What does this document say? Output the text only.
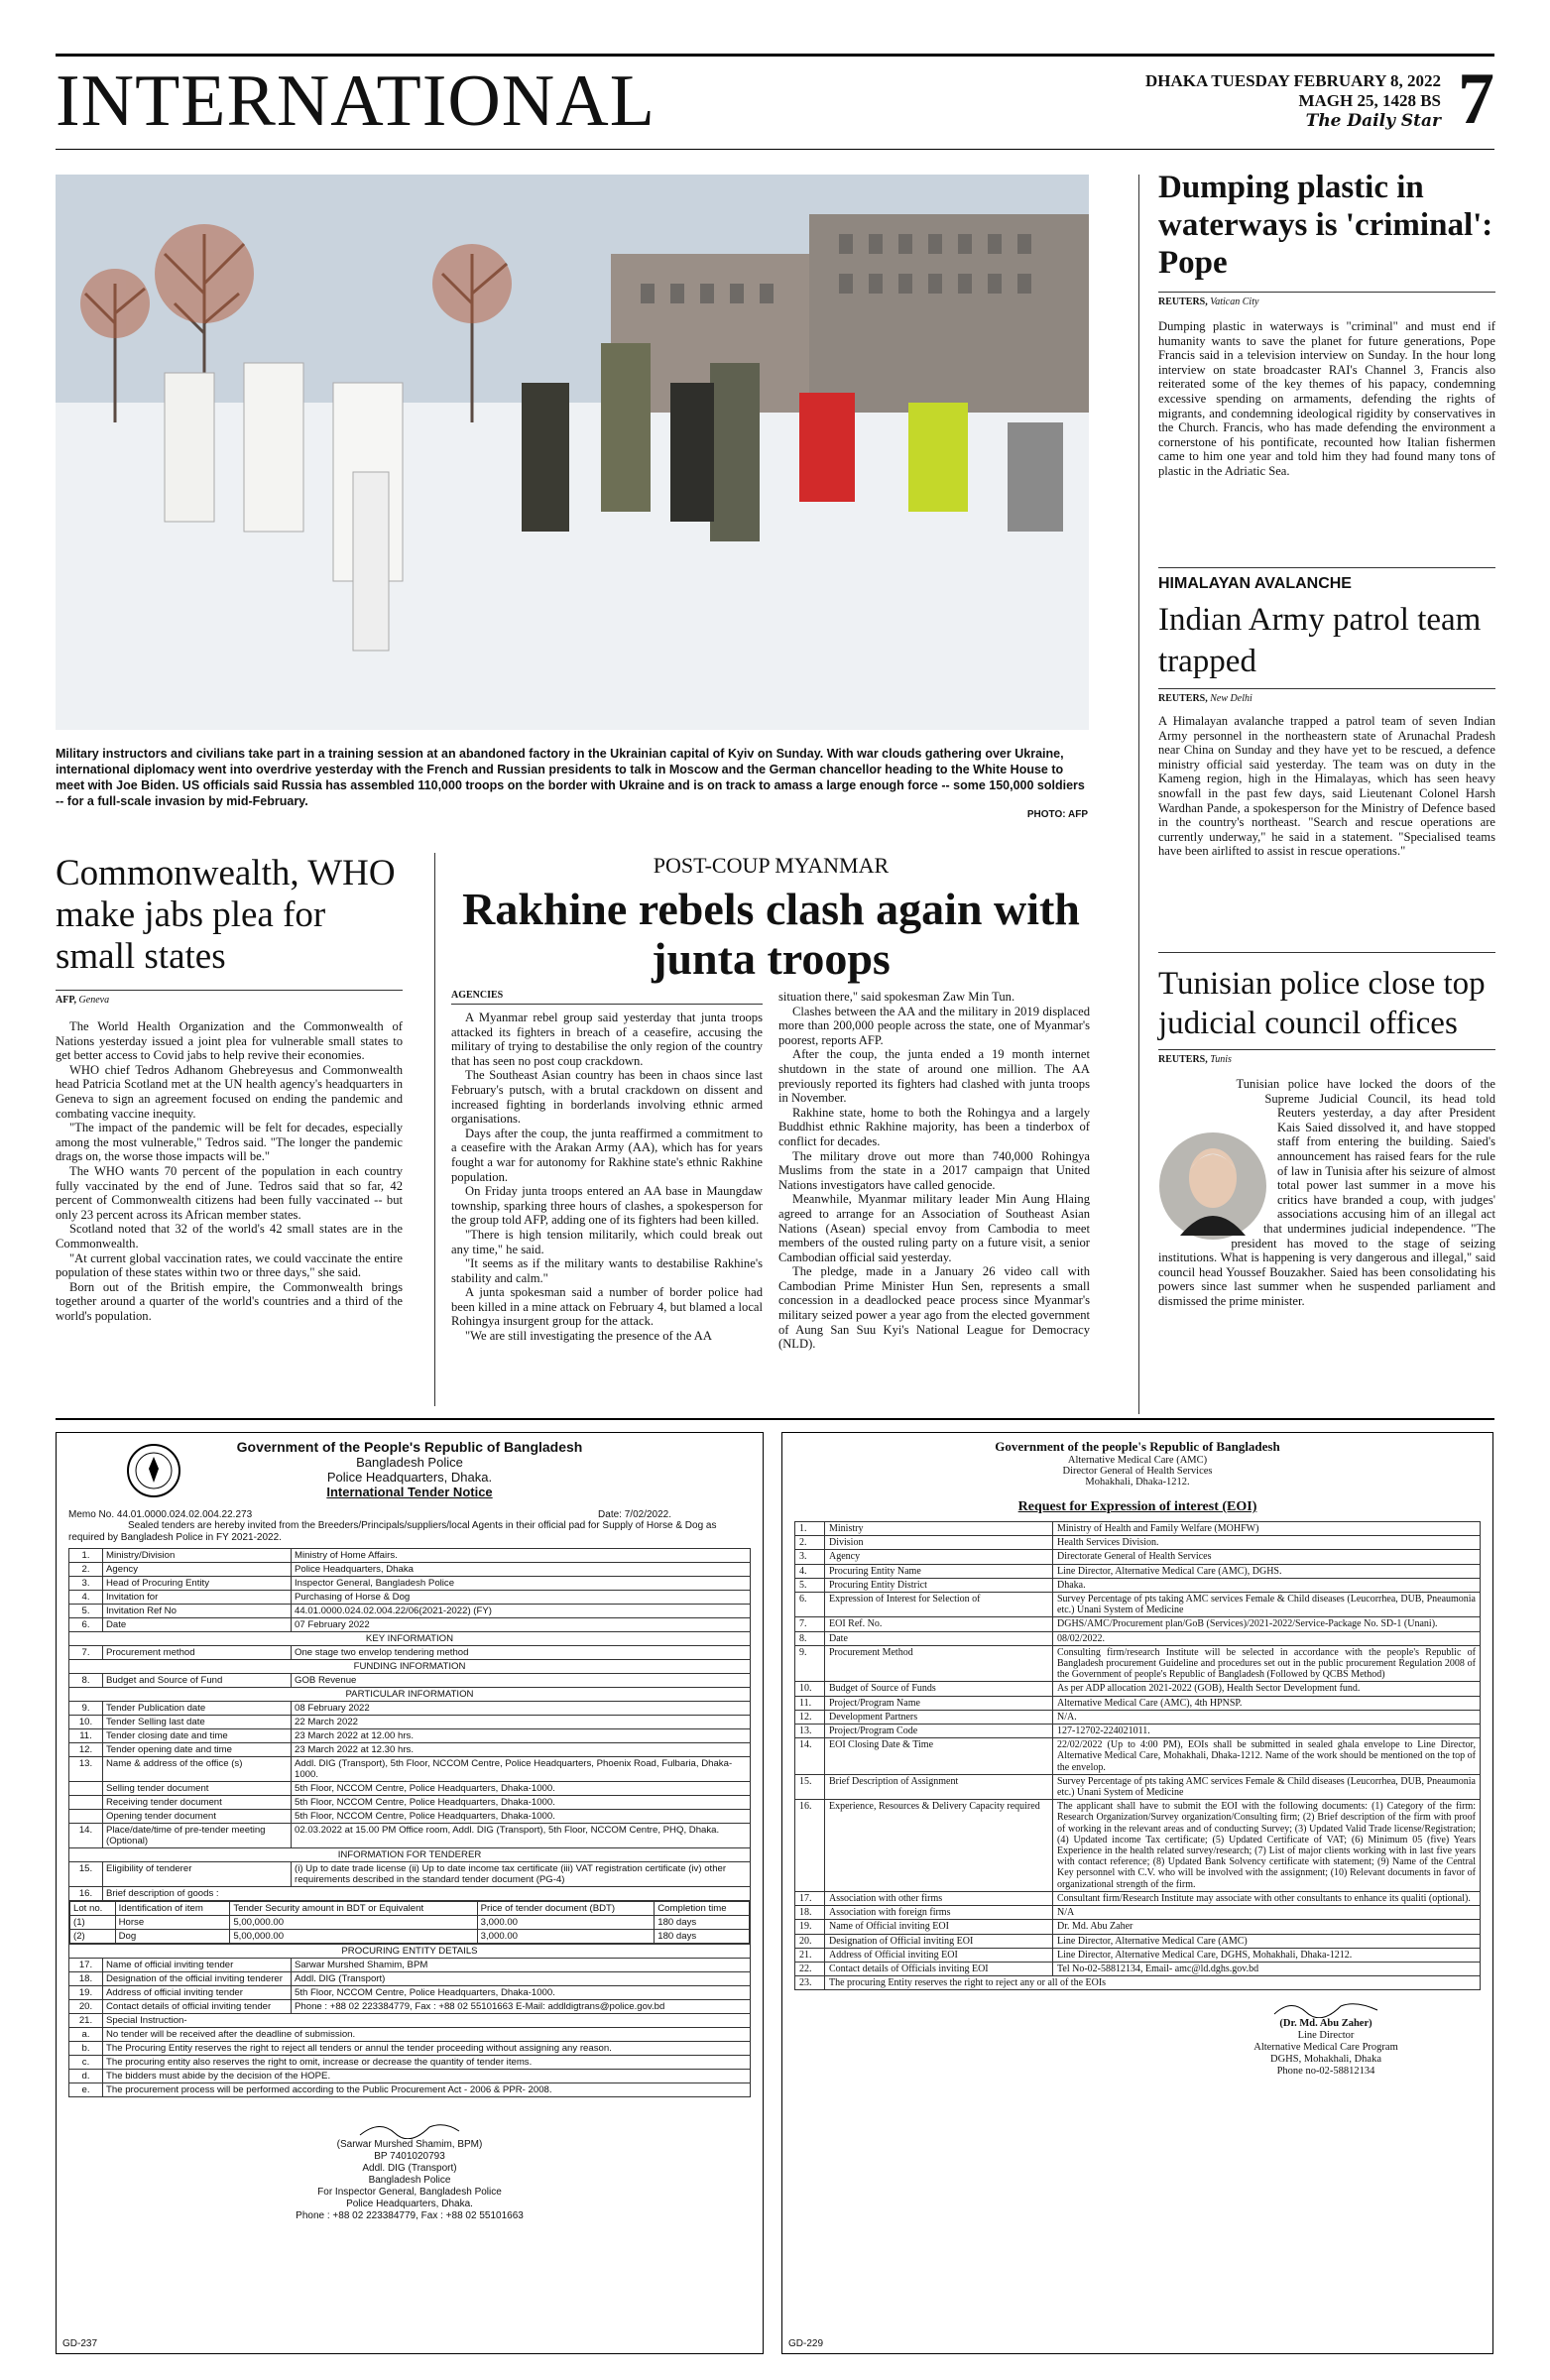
INTERNATIONAL	DHAKA TUESDAY FEBRUARY 8, 2022
MAGH 25, 1428 BS
The Daily Star 7
Military instructors and civilians take part in a training session at an abandoned factory in the Ukrainian capital of Kyiv on Sunday. With war clouds gathering over Ukraine, international diplomacy went into overdrive yesterday with the French and Russian presidents to talk in Moscow and the German chancellor heading to the White House to meet with Joe Biden. US officials said Russia has assembled 110,000 troops on the border with Ukraine and is on track to amass a large enough force -- some 150,000 soldiers -- for a full-scale invasion by mid-February.
PHOTO: AFP
Commonwealth, WHO make jabs plea for small states
AFP, Geneva

The World Health Organization and the Commonwealth of Nations yesterday issued a joint plea for vulnerable small states to get better access to Covid jabs to help revive their economies.

WHO chief Tedros Adhanom Ghebreyesus and Commonwealth head Patricia Scotland met at the UN health agency's headquarters in Geneva to sign an agreement focused on ending the pandemic and combating vaccine inequity.

"The impact of the pandemic will be felt for decades, especially among the most vulnerable," Tedros said. "The longer the pandemic drags on, the worse those impacts will be."

The WHO wants 70 percent of the population in each country fully vaccinated by the end of June. Tedros said that so far, 42 percent of Commonwealth citizens had been fully vaccinated -- but only 23 percent across its African member states.

Scotland noted that 32 of the world's 42 small states are in the Commonwealth.

"At current global vaccination rates, we could vaccinate the entire population of these states within two or three days," she said.

Born out of the British empire, the Commonwealth brings together around a quarter of the world's countries and a third of the world's population.

POST-COUP MYANMAR
Rakhine rebels clash again with junta troops
AGENCIES

A Myanmar rebel group said yesterday that junta troops attacked its fighters in breach of a ceasefire, accusing the military of trying to destabilise the only region of the country that has seen no post coup crackdown.

The Southeast Asian country has been in chaos since last February's putsch, with a brutal crackdown on dissent and increased fighting in borderlands involving ethnic armed organisations.

Days after the coup, the junta reaffirmed a commitment to a ceasefire with the Arakan Army (AA), which has for years fought a war for autonomy for Rakhine state's ethnic Rakhine population.

On Friday junta troops entered an AA base in Maungdaw township, sparking three hours of clashes, a spokesperson for the group told AFP, adding one of its fighters had been killed.

"There is high tension militarily, which could break out any time," he said.

"It seems as if the military wants to destabilise Rakhine's stability and calm."

A junta spokesman said a number of border police had been killed in a mine attack on February 4, but blamed a local Rohingya insurgent group for the attack.

"We are still investigating the presence of the AA

situation there," said spokesman Zaw Min Tun.

Clashes between the AA and the military in 2019 displaced more than 200,000 people across the state, one of Myanmar's poorest, reports AFP.

After the coup, the junta ended a 19 month internet shutdown in the state of around one million. The AA previously reported its fighters had clashed with junta troops in November.

Rakhine state, home to both the Rohingya and a largely Buddhist ethnic Rakhine majority, has been a tinderbox of conflict for decades.

The military drove out more than 740,000 Rohingya Muslims from the state in a 2017 campaign that United Nations investigators have called genocide.

Meanwhile, Myanmar military leader Min Aung Hlaing agreed to arrange for an Association of Southeast Asian Nations (Asean) special envoy from Cambodia to meet members of the ousted ruling party on a future visit, a senior Cambodian official said yesterday.

The pledge, made in a January 26 video call with Cambodian Prime Minister Hun Sen, represents a small concession in a deadlocked peace process since Myanmar's military seized power a year ago from the elected government of Aung San Suu Kyi's National League for Democracy (NLD).

Dumping plastic in waterways is 'criminal': Pope
REUTERS, Vatican City

Dumping plastic in waterways is "criminal" and must end if humanity wants to save the planet for future generations, Pope Francis said in a television interview on Sunday. In the hour long interview on state broadcaster RAI's Channel 3, Francis also reiterated some of the key themes of his papacy, condemning excessive spending on armaments, defending the rights of migrants, and condemning ideological rigidity by conservatives in the Church. Francis, who has made defending the environment a cornerstone of his pontificate, recounted how Italian fishermen came to him one year and told him they had found many tons of plastic in the Adriatic Sea.

HIMALAYAN AVALANCHE
Indian Army patrol team trapped
REUTERS, New Delhi

A Himalayan avalanche trapped a patrol team of seven Indian Army personnel in the northeastern state of Arunachal Pradesh near China on Sunday and they have yet to be rescued, a defence ministry official said yesterday. The team was on duty in the Kameng region, high in the Himalayas, which has seen heavy snowfall in the past few days, said Lieutenant Colonel Harsh Wardhan Pande, a spokesperson for the Ministry of Defence based in the country's northeast. "Search and rescue operations are currently underway," he said in a statement. "Specialised teams have been airlifted to assist in rescue operations."

Tunisian police close top judicial council offices
REUTERS, Tunis

Tunisian police have locked the doors of the Supreme Judicial Council, its head told Reuters yesterday, a day after President Kais Saied dissolved it, and have stopped staff from entering the building. Saied's announcement has raised fears for the rule of law in Tunisia after his seizure of almost total power last summer in a move his critics have branded a coup, with judges' associations accusing him of an illegal act that undermines judicial independence. "The president has moved to the stage of seizing institutions. What is happening is very dangerous and illegal," said council head Youssef Bouzakher. Saied has been consolidating his powers since last summer when he suspended parliament and dismissed the prime minister.

Government of the People's Republic of Bangladesh
Bangladesh Police
Police Headquarters, Dhaka.
International Tender Notice
Memo No. 44.01.0000.024.02.004.22.273	Date: 7/02/2022.
Sealed tenders are hereby invited from the Breeders/Principals/suppliers/local Agents in their official pad for Supply of Horse & Dog as required by Bangladesh Police in FY 2021-2022.
1.	Ministry/Division	Ministry of Home Affairs.
2.	Agency	Police Headquarters, Dhaka
3.	Head of Procuring Entity	Inspector General, Bangladesh Police
4.	Invitation for	Purchasing of Horse & Dog
5.	Invitation Ref No	44.01.0000.024.02.004.22/06(2021-2022) (FY)
6.	Date	07 February 2022
KEY INFORMATION
7.	Procurement method	One stage two envelop tendering method
FUNDING INFORMATION
8.	Budget and Source of Fund	GOB Revenue
PARTICULAR INFORMATION
9.	Tender Publication date	08 February 2022
10.	Tender Selling last date	22 March 2022
11.	Tender closing date and time	23 March 2022 at 12.00 hrs.
12.	Tender opening date and time	23 March 2022 at 12.30 hrs.
13.	Name & address of the office (s)	Addl. DIG (Transport), 5th Floor, NCCOM Centre, Police Headquarters, Phoenix Road, Fulbaria, Dhaka-1000.
	Selling tender document	5th Floor, NCCOM Centre, Police Headquarters, Dhaka-1000.
	Receiving tender document	5th Floor, NCCOM Centre, Police Headquarters, Dhaka-1000.
	Opening tender document	5th Floor, NCCOM Centre, Police Headquarters, Dhaka-1000.
14.	Place/date/time of pre-tender meeting (Optional)	02.03.2022 at 15.00 PM Office room, Addl. DIG (Transport), 5th Floor, NCCOM Centre, PHQ, Dhaka.
INFORMATION FOR TENDERER
15.	Eligibility of tenderer	(i) Up to date trade license (ii) Up to date income tax certificate (iii) VAT registration certificate (iv) other requirements described in the standard tender document (PG-4)
16.	Brief description of goods :

Lot no.	Identification of item	Tender Security amount in BDT or Equivalent	Price of tender document (BDT)	Completion time
(1)	Horse	5,00,000.00	3,000.00	180 days
(2)	Dog	5,00,000.00	3,000.00	180 days

PROCURING ENTITY DETAILS
17.	Name of official inviting tender	Sarwar Murshed Shamim, BPM
18.	Designation of the official inviting tenderer	Addl. DIG (Transport)
19.	Address of official inviting tender	5th Floor, NCCOM Centre, Police Headquarters, Dhaka-1000.
20.	Contact details of official inviting tender	Phone : +88 02 223384779, Fax : +88 02 55101663 E-Mail: addldigtrans@police.gov.bd
21.	Special Instruction-
a.	No tender will be received after the deadline of submission.
b.	The Procuring Entity reserves the right to reject all tenders or annul the tender proceeding without assigning any reason.
c.	The procuring entity also reserves the right to omit, increase or decrease the quantity of tender items.
d.	The bidders must abide by the decision of the HOPE.
e.	The procurement process will be performed according to the Public Procurement Act - 2006 & PPR- 2008.
(Sarwar Murshed Shamim, BPM)
BP 7401020793
Addl. DIG (Transport)
Bangladesh Police
For Inspector General, Bangladesh Police
Police Headquarters, Dhaka.
Phone : +88 02 223384779, Fax : +88 02 55101663
GD-237
Government of the people's Republic of Bangladesh
Alternative Medical Care (AMC)
Director General of Health Services
Mohakhali, Dhaka-1212.
Request for Expression of interest (EOI)
1.	Ministry	Ministry of Health and Family Welfare (MOHFW)
2.	Division	Health Services Division.
3.	Agency	Directorate General of Health Services
4.	Procuring Entity Name	Line Director, Alternative Medical Care (AMC), DGHS.
5.	Procuring Entity District	Dhaka.
6.	Expression of Interest for Selection of	Survey Percentage of pts taking AMC services Female & Child diseases (Leucorrhea, DUB, Pneaumonia etc.) Unani System of Medicine
7.	EOI Ref. No.	DGHS/AMC/Procurement plan/GoB (Services)/2021-2022/Service-Package No. SD-1 (Unani).
8.	Date	08/02/2022.
9.	Procurement Method	Consulting firm/research Institute will be selected in accordance with the people's Republic of Bangladesh procurement Guideline and procedures set out in the public procurement Regulation 2008 of the Government of people's Republic of Bangladesh (Followed by QCBS Method)
10.	Budget of Source of Funds	As per ADP allocation 2021-2022 (GOB), Health Sector Development fund.
11.	Project/Program Name	Alternative Medical Care (AMC), 4th HPNSP.
12.	Development Partners	N/A.
13.	Project/Program Code	127-12702-224021011.
14.	EOI Closing Date & Time	22/02/2022 (Up to 4:00 PM), EOIs shall be submitted in sealed ghala envelope to Line Director, Alternative Medical Care, Mohakhali, Dhaka-1212. Name of the work should be mentioned on the top of the envelop.
15.	Brief Description of Assignment	Survey Percentage of pts taking AMC services Female & Child diseases (Leucorrhea, DUB, Pneaumonia etc.) Unani System of Medicine
16.	Experience, Resources & Delivery Capacity required	The applicant shall have to submit the EOI with the following documents: (1) Category of the firm: Research Organization/Survey organization/Consulting firm; (2) Brief description of the firm with proof of working in the relevant areas and of conducting Survey; (3) Updated Valid Trade license/Registration; (4) Updated income Tax certificate; (5) Updated Certificate of VAT; (6) Minimum 05 (five) Years Experience in the health related survey/research; (7) List of major clients working with in last five years with contact reference; (8) Updated Bank Solvency certificate with statement; (9) Name of the Central Key personnel with C.V. who will be involved with the assignment; (10) Relevant documents in favor of organizational strength of the firm.
17.	Association with other firms	Consultant firm/Research Institute may associate with other consultants to enhance its qualiti (optional).
18.	Association with foreign firms	N/A
19.	Name of Official inviting EOI	Dr. Md. Abu Zaher
20.	Designation of Official inviting EOI	Line Director, Alternative Medical Care (AMC)
21.	Address of Official inviting EOI	Line Director, Alternative Medical Care, DGHS, Mohakhali, Dhaka-1212.
22.	Contact details of Officials inviting EOI	Tel No-02-58812134, Email- amc@ld.dghs.gov.bd
23.	The procuring Entity reserves the right to reject any or all of the EOIs	
(Dr. Md. Abu Zaher)
Line Director
Alternative Medical Care Program
DGHS, Mohakhali, Dhaka
Phone no-02-58812134
GD-229
